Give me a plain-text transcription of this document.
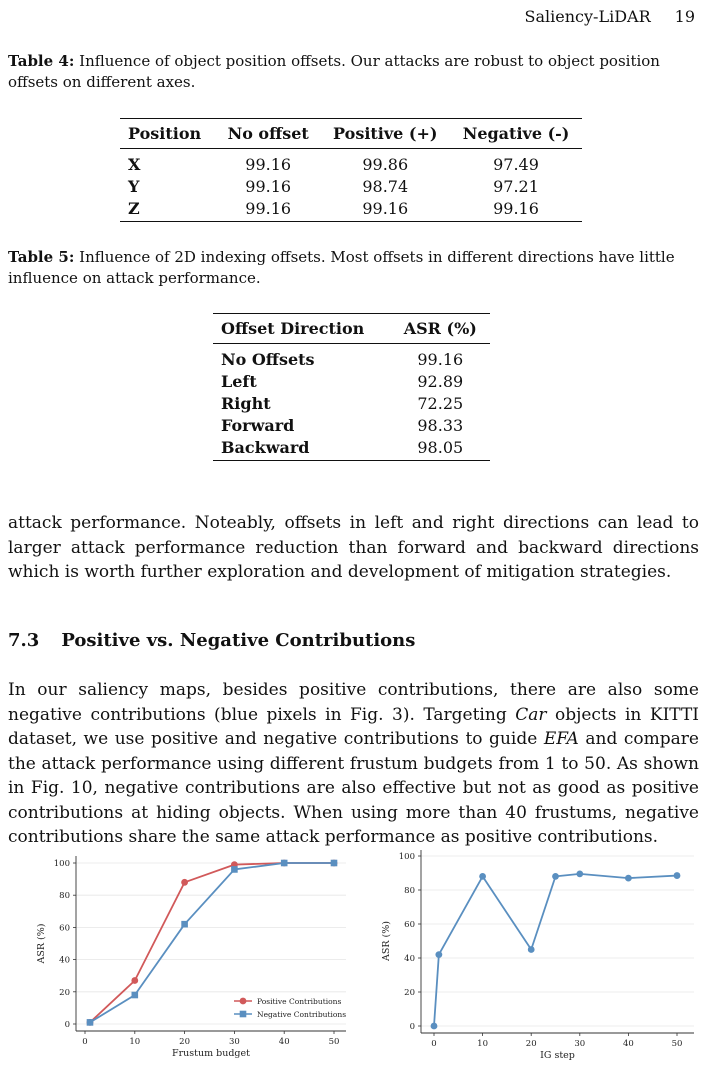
Saliency-LiDAR 19
Table 4: Influence of object position offsets. Our attacks are robust to object position offsets on different axes.
Position	No offset	Positive (+)	Negative (-)
X	99.16	99.86	97.49
Y	99.16	98.74	97.21
Z	99.16	99.16	99.16
Table 5: Influence of 2D indexing offsets. Most offsets in different directions have little influence on attack performance.
Offset Direction	ASR (%)
No Offsets	99.16
Left	92.89
Right	72.25
Forward	98.33
Backward	98.05
attack performance. Noteably, offsets in left and right directions can lead to larger attack performance reduction than forward and backward directions which is worth further exploration and development of mitigation strategies.
7.3 Positive vs. Negative Contributions
In our saliency maps, besides positive contributions, there are also some negative contributions (blue pixels in Fig. 3). Targeting Car objects in KITTI dataset, we use positive and negative contributions to guide EFA and compare the attack performance using different frustum budgets from 1 to 50. As shown in Fig. 10, negative contributions are also effective but not as good as positive contributions at hiding objects. When using more than 40 frustums, negative contributions share the same attack performance as positive contributions.
0
20
40
60
80
100
0	10	20	30	40	50
Frustum budget
ASR (%)
Positive Contributions
Negative Contributions
0
20
40
60
80
100
0	10	20	30	40	50
IG step
ASR (%)
